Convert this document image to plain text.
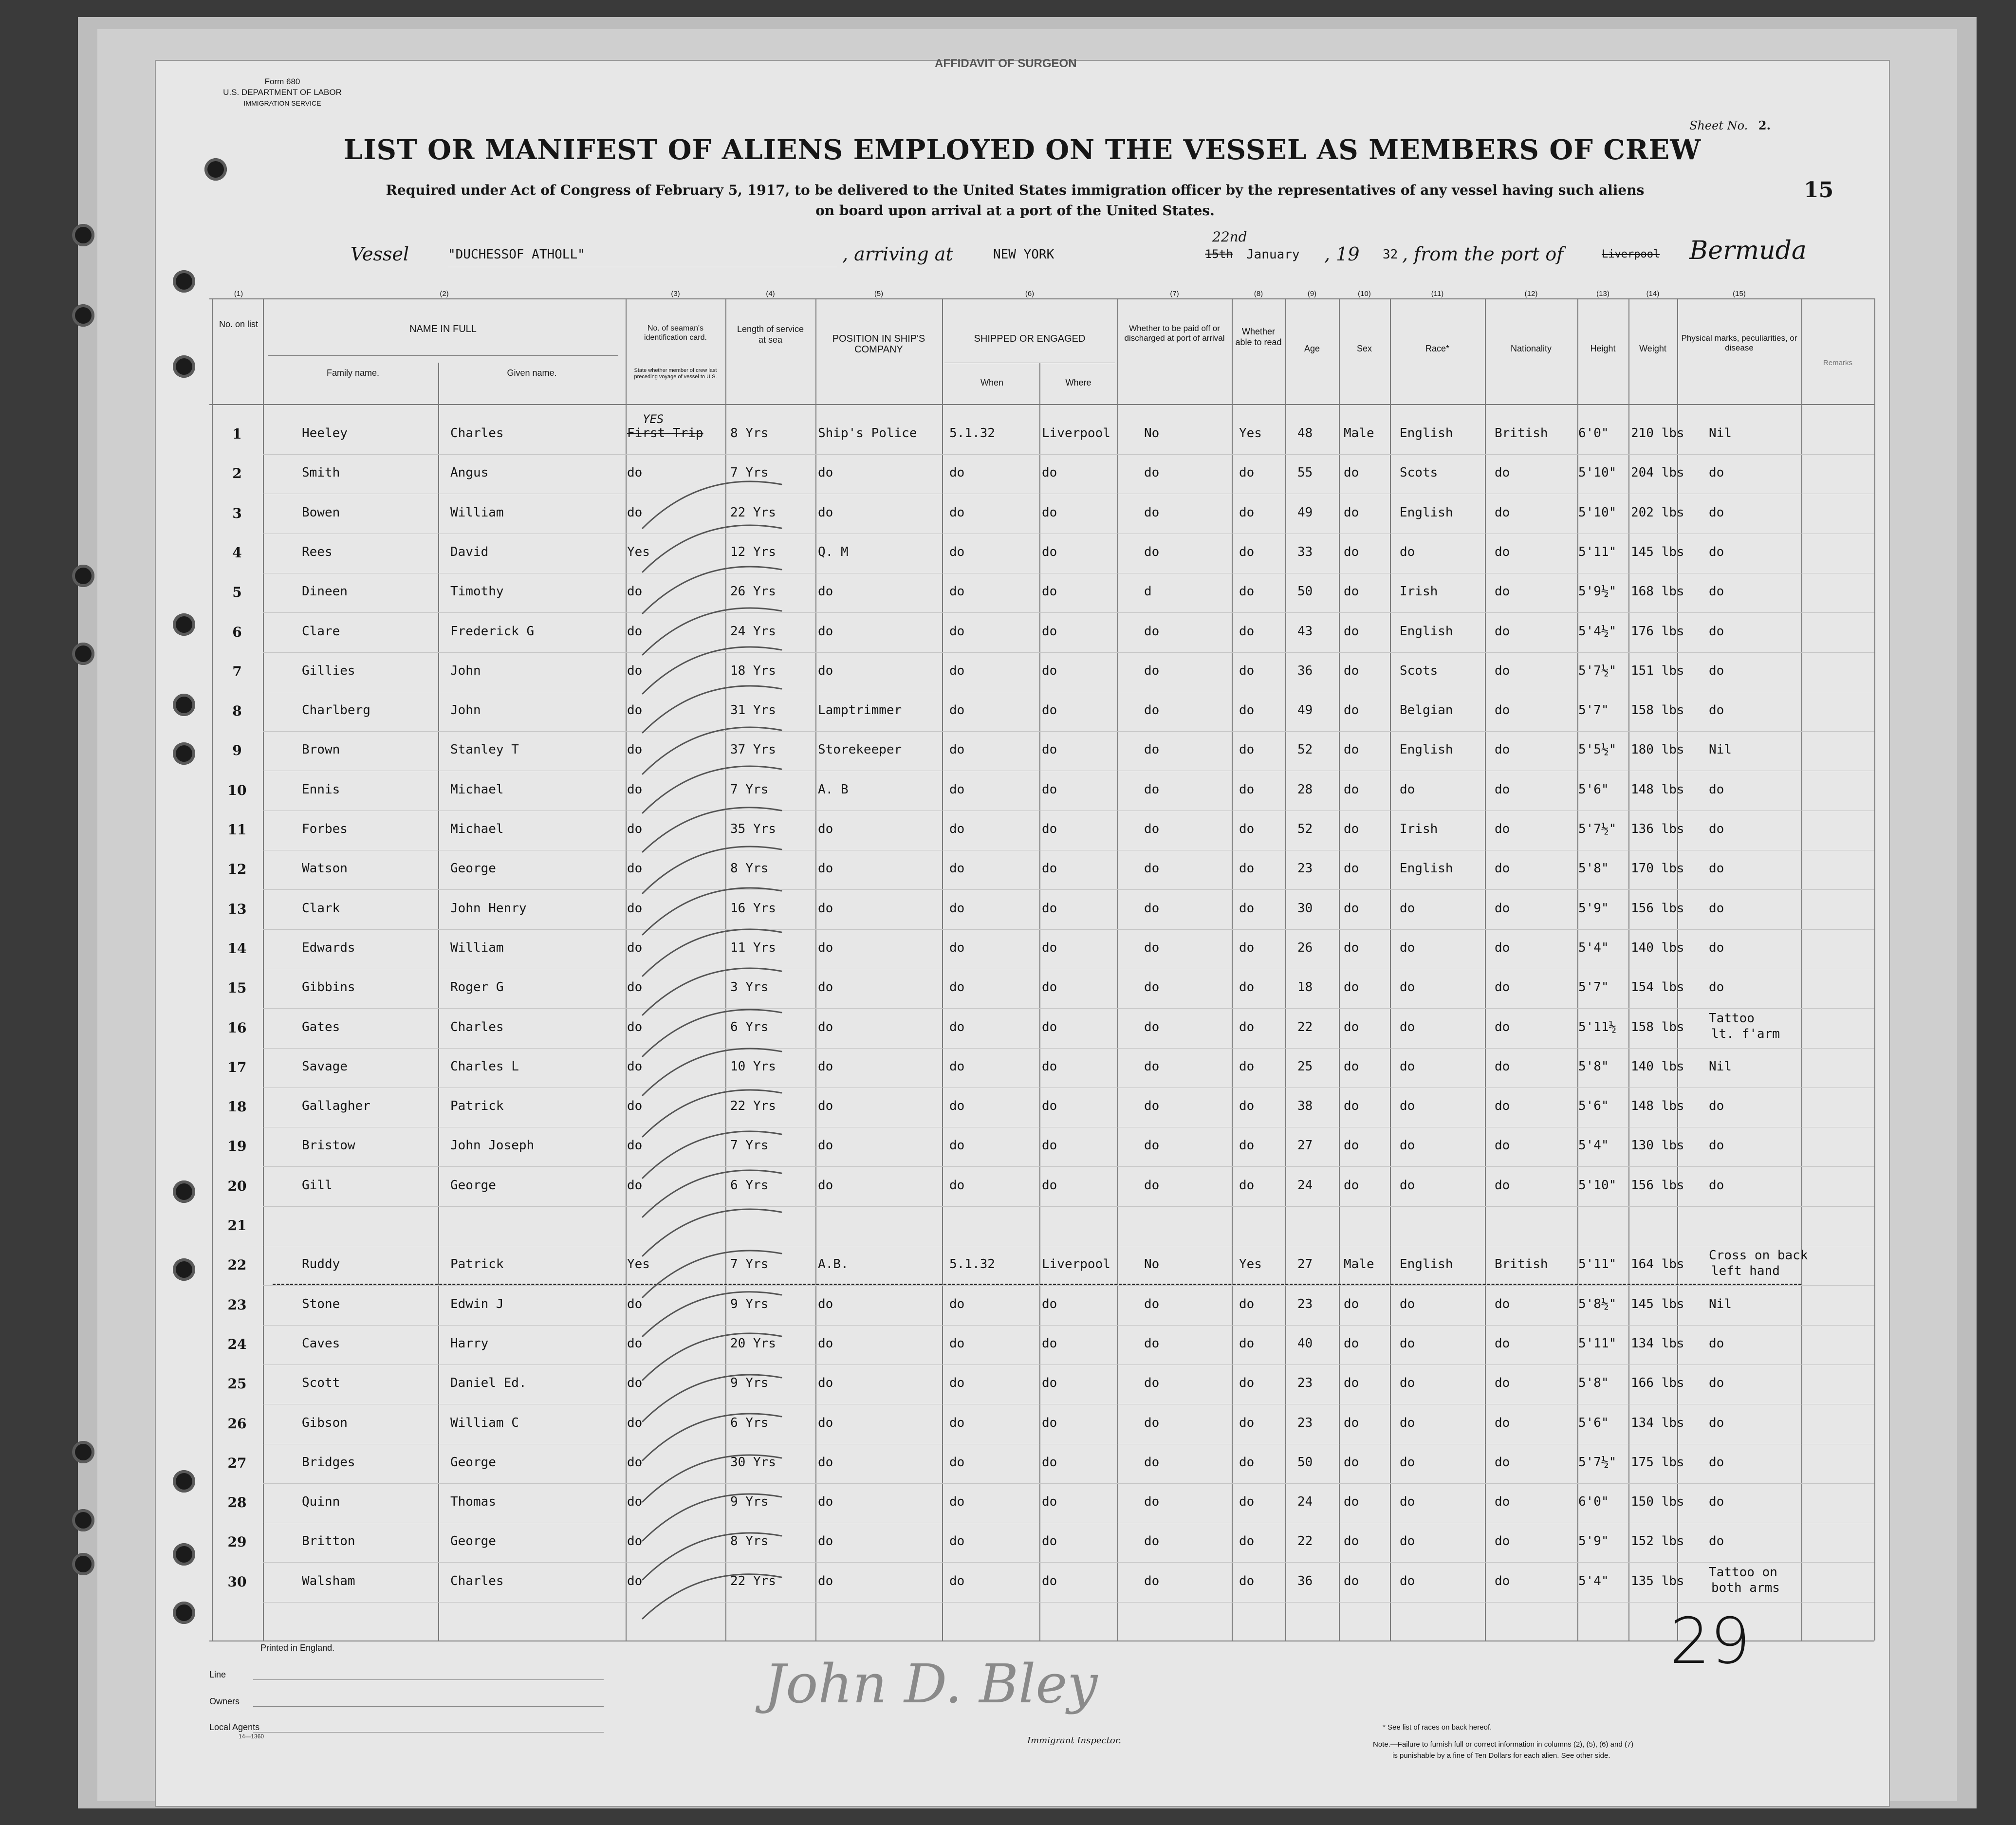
Form 680
U.S. DEPARTMENT OF LABOR
IMMIGRATION SERVICE
AFFIDAVIT OF SURGEON
Sheet No. 2.
15
LIST OR MANIFEST OF ALIENS EMPLOYED ON THE VESSEL AS MEMBERS OF CREW
Required under Act of Congress of February 5, 1917, to be delivered to the United States immigration officer by the representatives of any vessel having such aliens
on board upon arrival at a port of the United States.
Vessel	"DUCHESSOF ATHOLL"	, arriving at	NEW YORK
22nd
15th January , 19 32 , from the port of	Liverpool Bermuda
(1)	(2)	(3)	(4)	(5)	(6)	(7)	(8)	(9)	(10)	(11)	(12)	(13)	(14)	(15)
No. on list	NAME IN FULL
Family name.	Given name.
No. of seaman's identification card.
State whether member of crew last preceding voyage of vessel to U.S.
Length of service at sea	POSITION IN SHIP'S COMPANY
SHIPPED OR ENGAGED
When	Where
Whether to be paid off or discharged at port of arrival
Whether able to read
Age	Sex	Race*	Nationality	Height	Weight
Physical marks, peculiarities, or disease
Remarks
1	Heeley	Charles	First Trip 8 Yrs	Ship's Police	5.1.32	Liverpool	No	Yes	48 Male English	British 6'0" 210 lbs Nil
YES
2	Smith	Angus	do	7 Yrs	do	do	do	do	do	55 do	Scots	do	5'10" 204 lbs do
3	Bowen	William	do	22 Yrs	do	do	do	do	do	49 do	English	do	5'10" 202 lbs do
4	Rees	David	Yes	12 Yrs	Q. M	do	do	do	do	33 do	do	do	5'11" 145 lbs do
5	Dineen	Timothy	do	26 Yrs	do	do	do	d	do	50 do	Irish	do	5'9½" 168 lbs do
6	Clare	Frederick G	do	24 Yrs	do	do	do	do	do	43 do	English	do	5'4½" 176 lbs do
7	Gillies	John	do	18 Yrs	do	do	do	do	do	36 do	Scots	do	5'7½" 151 lbs do
8	Charlberg	John	do	31 Yrs	Lamptrimmer	do	do	do	do	49 do	Belgian	do	5'7" 158 lbs do
9	Brown	Stanley T	do	37 Yrs	Storekeeper	do	do	do	do	52 do	English	do	5'5½" 180 lbs Nil
10	Ennis	Michael	do	7 Yrs	A. B	do	do	do	do	28 do	do	do	5'6" 148 lbs do
11	Forbes	Michael	do	35 Yrs	do	do	do	do	do	52 do	Irish	do	5'7½" 136 lbs do
12	Watson	George	do	8 Yrs	do	do	do	do	do	23 do	English	do	5'8" 170 lbs do
13	Clark	John Henry	do	16 Yrs	do	do	do	do	do	30 do	do	do	5'9" 156 lbs do
14	Edwards	William	do	11 Yrs	do	do	do	do	do	26 do	do	do	5'4" 140 lbs do
15	Gibbins	Roger G	do	3 Yrs	do	do	do	do	do	18 do	do	do	5'7" 154 lbs do
16	Gates	Charles	do	6 Yrs	do	do	do	do	do	22 do	do	do	5'11½ 158 lbs
Tattoo
lt. f'arm
17	Savage	Charles L	do	10 Yrs	do	do	do	do	do	25 do	do	do	5'8" 140 lbs Nil
18	Gallagher	Patrick	do	22 Yrs	do	do	do	do	do	38 do	do	do	5'6" 148 lbs do
19	Bristow	John Joseph	do	7 Yrs	do	do	do	do	do	27 do	do	do	5'4" 130 lbs do
20	Gill	George	do	6 Yrs	do	do	do	do	do	24 do	do	do	5'10" 156 lbs do
21
22	Ruddy	Patrick	Yes	7 Yrs	A.B.	5.1.32	Liverpool	No	Yes	27 Male English	British 5'11" 164 lbs
Cross on back
left hand
23	Stone	Edwin J	do	9 Yrs	do	do	do	do	do	23 do	do	do	5'8½" 145 lbs Nil
24	Caves	Harry	do	20 Yrs	do	do	do	do	do	40 do	do	do	5'11" 134 lbs do
25	Scott	Daniel Ed.	do	9 Yrs	do	do	do	do	do	23 do	do	do	5'8" 166 lbs do
26	Gibson	William C	do	6 Yrs	do	do	do	do	do	23 do	do	do	5'6" 134 lbs do
27	Bridges	George	do	30 Yrs	do	do	do	do	do	50 do	do	do	5'7½" 175 lbs do
28	Quinn	Thomas	do	9 Yrs	do	do	do	do	do	24 do	do	do	6'0" 150 lbs do
29	Britton	George	do	8 Yrs	do	do	do	do	do	22 do	do	do	5'9" 152 lbs do
30	Walsham	Charles	do	22 Yrs	do	do	do	do	do	36 do	do	do	5'4" 135 lbs
Tattoo on
both arms
29
Printed in England.
Line
Owners
Local Agents
14—1360
John D. Bley
Immigrant Inspector.
* See list of races on back hereof.
Note.—Failure to furnish full or correct information in columns (2), (5), (6) and (7)
is punishable by a fine of Ten Dollars for each alien. See other side.
